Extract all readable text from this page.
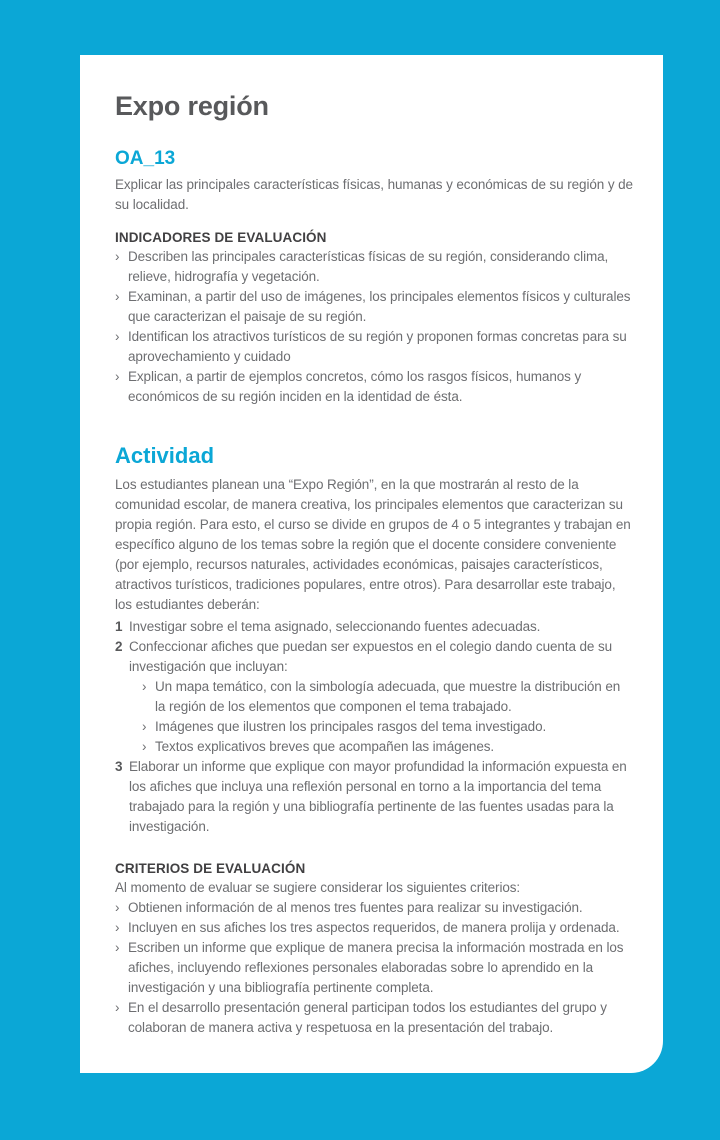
Expo región
OA_13

Explicar las principales características físicas, humanas y económicas de su región y de su localidad.

INDICADORES DE EVALUACIÓN
› Describen las principales características físicas de su región, considerando clima, relieve, hidrografía y vegetación.
› Examinan, a partir del uso de imágenes, los principales elementos físicos y culturales que caracterizan el paisaje de su región.
› Identifican los atractivos turísticos de su región y proponen formas concretas para su aprovechamiento y cuidado
› Explican, a partir de ejemplos concretos, cómo los rasgos físicos, humanos y económicos de su región inciden en la identidad de ésta.
Actividad

Los estudiantes planean una “Expo Región”, en la que mostrarán al resto de la comunidad escolar, de manera creativa, los principales elementos que caracterizan su propia región. Para esto, el curso se divide en grupos de 4 o 5 integrantes y trabajan en específico alguno de los temas sobre la región que el docente considere conveniente (por ejemplo, recursos naturales, actividades económicas, paisajes característicos, atractivos turísticos, tradiciones populares, entre otros). Para desarrollar este trabajo, los estudiantes deberán:

1 Investigar sobre el tema asignado, seleccionando fuentes adecuadas.

2 Confeccionar afiches que puedan ser expuestos en el colegio dando cuenta de su investigación que incluyan:

› Un mapa temático, con la simbología adecuada, que muestre la distribución en la región de los elementos que componen el tema trabajado.
› Imágenes que ilustren los principales rasgos del tema investigado.
› Textos explicativos breves que acompañen las imágenes.
3 Elaborar un informe que explique con mayor profundidad la información expuesta en los afiches que incluya una reflexión personal en torno a la importancia del tema trabajado para la región y una bibliografía pertinente de las fuentes usadas para la investigación.

CRITERIOS DE EVALUACIÓN

Al momento de evaluar se sugiere considerar los siguientes criterios:

› Obtienen información de al menos tres fuentes para realizar su investigación.
› Incluyen en sus afiches los tres aspectos requeridos, de manera prolija y ordenada.
› Escriben un informe que explique de manera precisa la información mostrada en los afiches, incluyendo reflexiones personales elaboradas sobre lo aprendido en la investigación y una bibliografía pertinente completa.
› En el desarrollo presentación general participan todos los estudiantes del grupo y colaboran de manera activa y respetuosa en la presentación del trabajo.
